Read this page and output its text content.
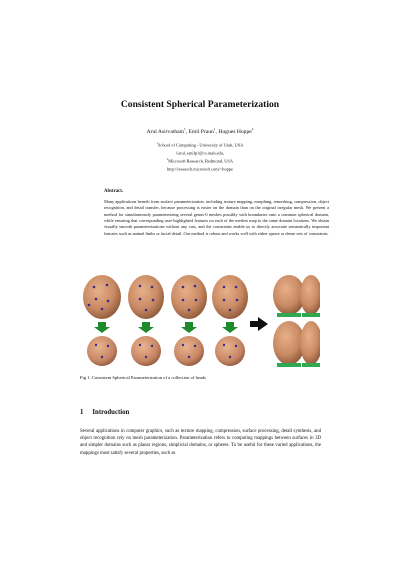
Consistent Spherical Parameterization
Arul Asirvatham$^1$, Emil Praun$^1$, Hugues Hoppe$^2$
$^1$School of Computing - University of Utah, USA
{arul, emilp}@cs.utah.edu,
$^2$Microsoft Research, Redmond, USA
http://research.microsoft.com/~hoppe
Abstract.
Many applications benefit from surface parameterization, including texture mapping, morphing, remeshing, compression, object recognition, and detail transfer, because processing is easier on the domain than on the original irregular mesh. We present a method for simultaneously parameterizing several genus-0 meshes possibly with boundaries onto a common spherical domain, while ensuring that corresponding user-highlighted features on each of the meshes map to the same domain locations. We obtain visually smooth parameterizations without any cuts, and the constraints enable us to directly associate semantically important features such as animal limbs or facial detail. Our method is robust and works well with either sparse or dense sets of constraints.
Fig 1. Consistent Spherical Parameterization of a collection of heads
1 Introduction
Several applications in computer graphics, such as texture mapping, compression, surface processing, detail synthesis, and object recognition rely on mesh parameterization. Parameterization refers to computing mappings between surfaces in 3D and simpler domains such as planar regions, simplicial domains, or spheres. To be useful for these varied applications, the mappings must satisfy several properties, such as
